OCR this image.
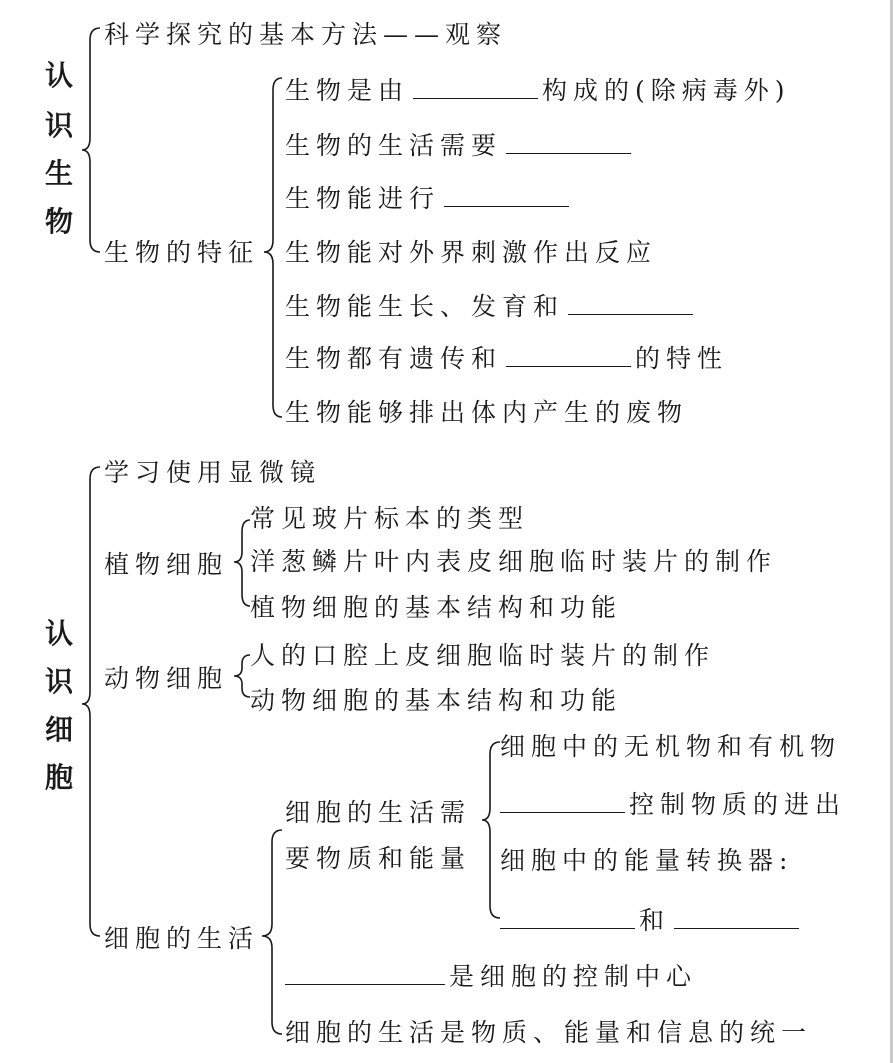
认
识
生
物
科学探究的基本方法——观察
生物的特征
生物是由	构成的(除病毒外)
生物的生活需要
生物能进行
生物能对外界刺激作出反应
生物能生长、发育和
生物都有遗传和	的特性
生物能够排出体内产生的废物
认
识
细
胞
学习使用显微镜
植物细胞
常见玻片标本的类型
洋葱鳞片叶内表皮细胞临时装片的制作
植物细胞的基本结构和功能
动物细胞
人的口腔上皮细胞临时装片的制作
动物细胞的基本结构和功能
细胞的生活
细胞的生活需
要物质和能量
细胞中的无机物和有机物
控制物质的进出
细胞中的能量转换器:
和
是细胞的控制中心
细胞的生活是物质、能量和信息的统一
